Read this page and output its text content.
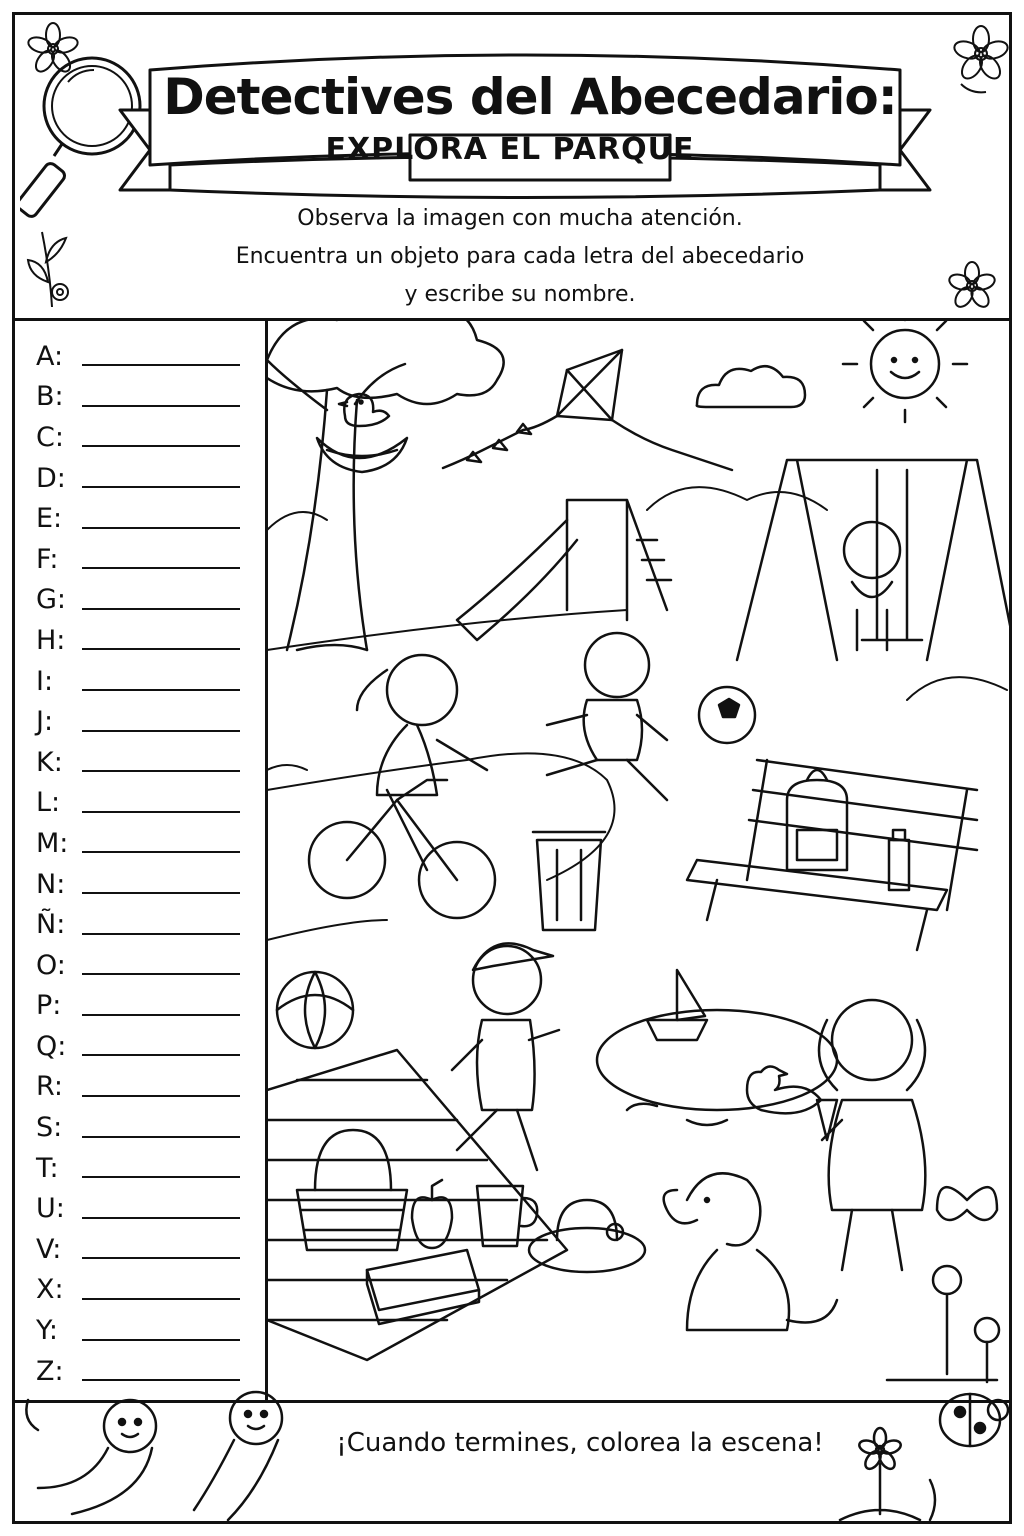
Detectives del Abecedario:
EXPLORA EL PARQUE
Observa la imagen con mucha atención.
Encuentra un objeto para cada letra del abecedario
y escribe su nombre.
A:
B:
C:
D:
E:
F:
G:
H:
I:
J:
K:
L:
M:
N:
Ñ:
O:
P:
Q:
R:
S:
T:
U:
V:
X:
Y:
Z:
¡Cuando termines, colorea la escena!
